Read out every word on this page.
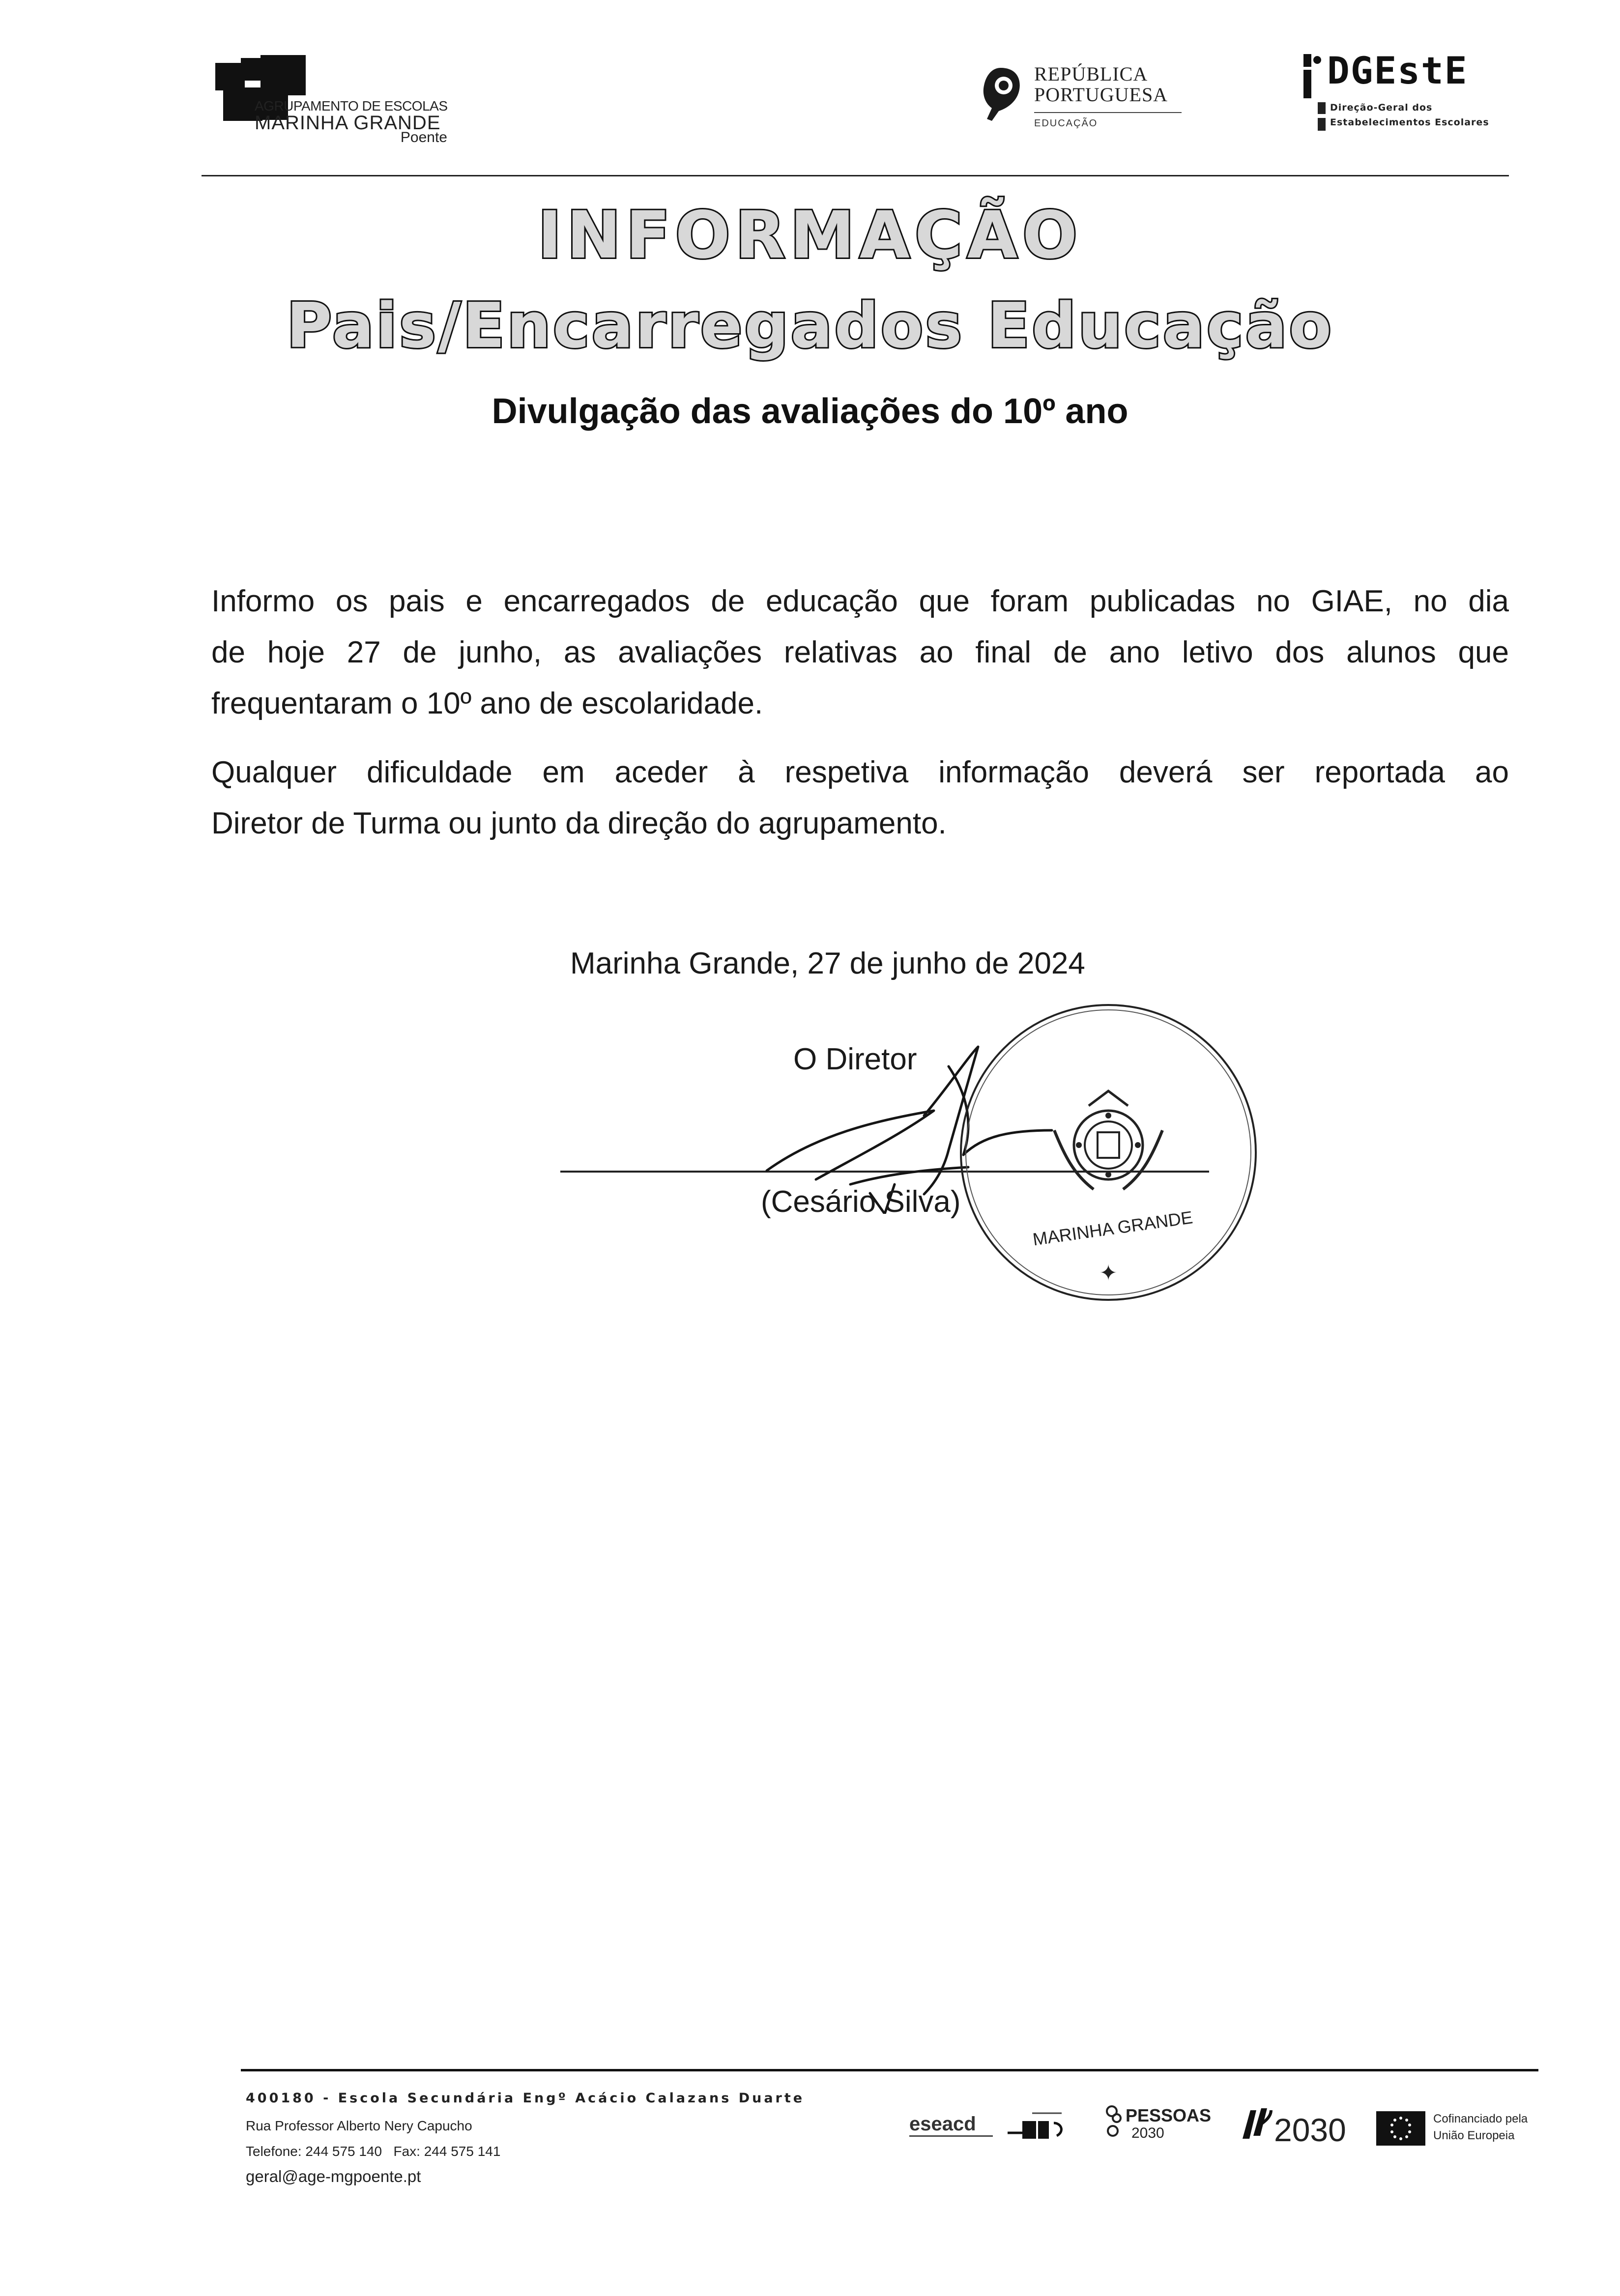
AGRUPAMENTO DE ESCOLAS
MARINHA GRANDE
Poente
REPÚBLICA
PORTUGUESA
EDUCAÇÃO
DGEstE
Direção-Geral dos
Estabelecimentos Escolares
INFORMAÇÃO
Pais/Encarregados Educação
Divulgação das avaliações do 10º ano
Informo os pais e encarregados de educação que foram publicadas no GIAE, no dia
de hoje 27 de junho, as avaliações relativas ao final de ano letivo dos alunos que
frequentaram o 10º ano de escolaridade.
Qualquer dificuldade em aceder à respetiva informação deverá ser reportada ao
Diretor de Turma ou junto da direção do agrupamento.
Marinha Grande, 27 de junho de 2024
O Diretor
(Cesário Silva)
✦
MARINHA GRANDE
400180 - Escola Secundária Engº Acácio Calazans Duarte
Rua Professor Alberto Nery Capucho
Telefone: 244 575 140   Fax: 244 575 141
geral@age-mgpoente.pt
eseacd	PESSOAS
2030	2030	Cofinanciado pela
União Europeia
